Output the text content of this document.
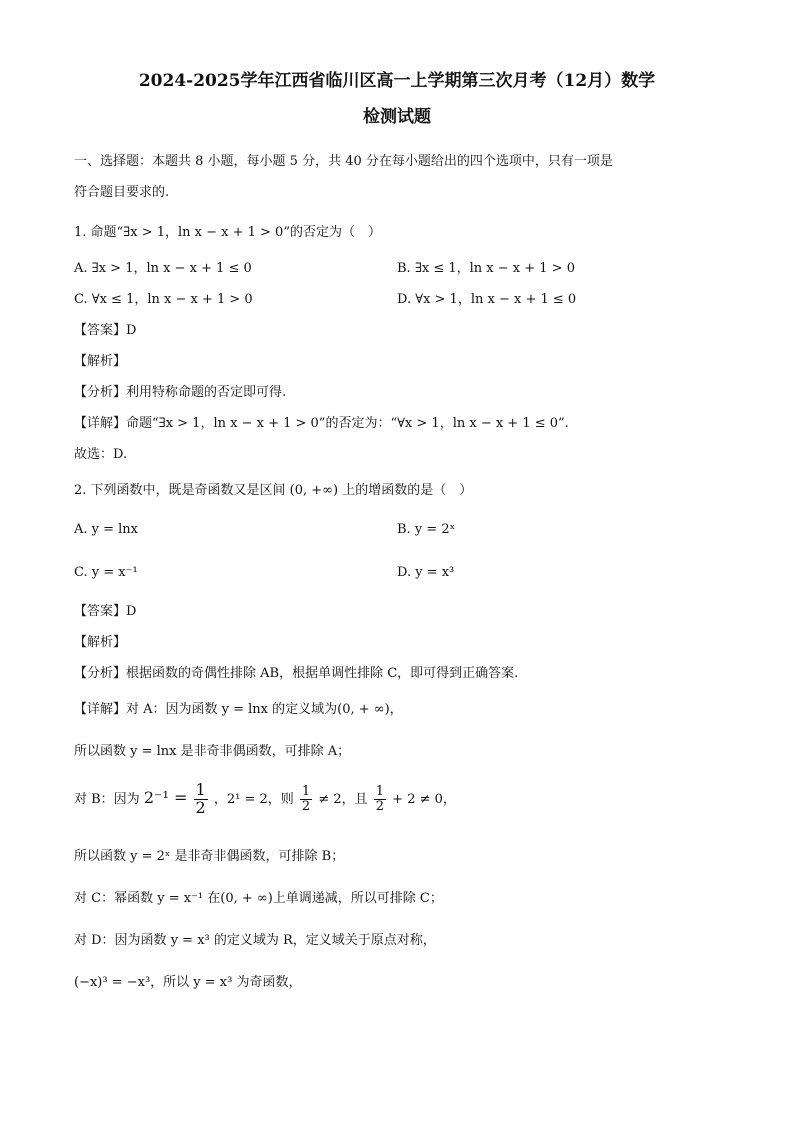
2024-2025学年江西省临川区高一上学期第三次月考（12月）数学
检测试题
一、选择题：本题共 8 小题，每小题 5 分，共 40 分在每小题给出的四个选项中，只有一项是
符合题目要求的.
1. 命题“∃x > 1，ln x − x + 1 > 0”的否定为（　）
A. ∃x > 1，ln x − x + 1 ≤ 0	B. ∃x ≤ 1，ln x − x + 1 > 0
C. ∀x ≤ 1，ln x − x + 1 > 0	D. ∀x > 1，ln x − x + 1 ≤ 0
【答案】D
【解析】
【分析】利用特称命题的否定即可得.
【详解】命题“∃x > 1，ln x − x + 1 > 0”的否定为：“∀x > 1，ln x − x + 1 ≤ 0”.
故选：D.
2. 下列函数中，既是奇函数又是区间 (0, +∞) 上的增函数的是（　）
A. y = lnx	B. y = 2ˣ
C. y = x⁻¹	D. y = x³
【答案】D
【解析】
【分析】根据函数的奇偶性排除 AB，根据单调性排除 C，即可得到正确答案.
【详解】对 A：因为函数 y = lnx 的定义域为(0, + ∞)，
所以函数 y = lnx 是非奇非偶函数，可排除 A；
对 B：因为 $2^{-1} = \frac{1}{2}$ ，2¹ = 2，则 $\frac{1}{2} \ne 2$，且 $\frac{1}{2} + 2 \ne 0$，
所以函数 y = 2ˣ 是非奇非偶函数，可排除 B；
对 C：幂函数 y = x⁻¹ 在(0, + ∞)上单调递减，所以可排除 C；
对 D：因为函数 y = x³ 的定义域为 R，定义域关于原点对称，
(−x)³ = −x³，所以 y = x³ 为奇函数，
